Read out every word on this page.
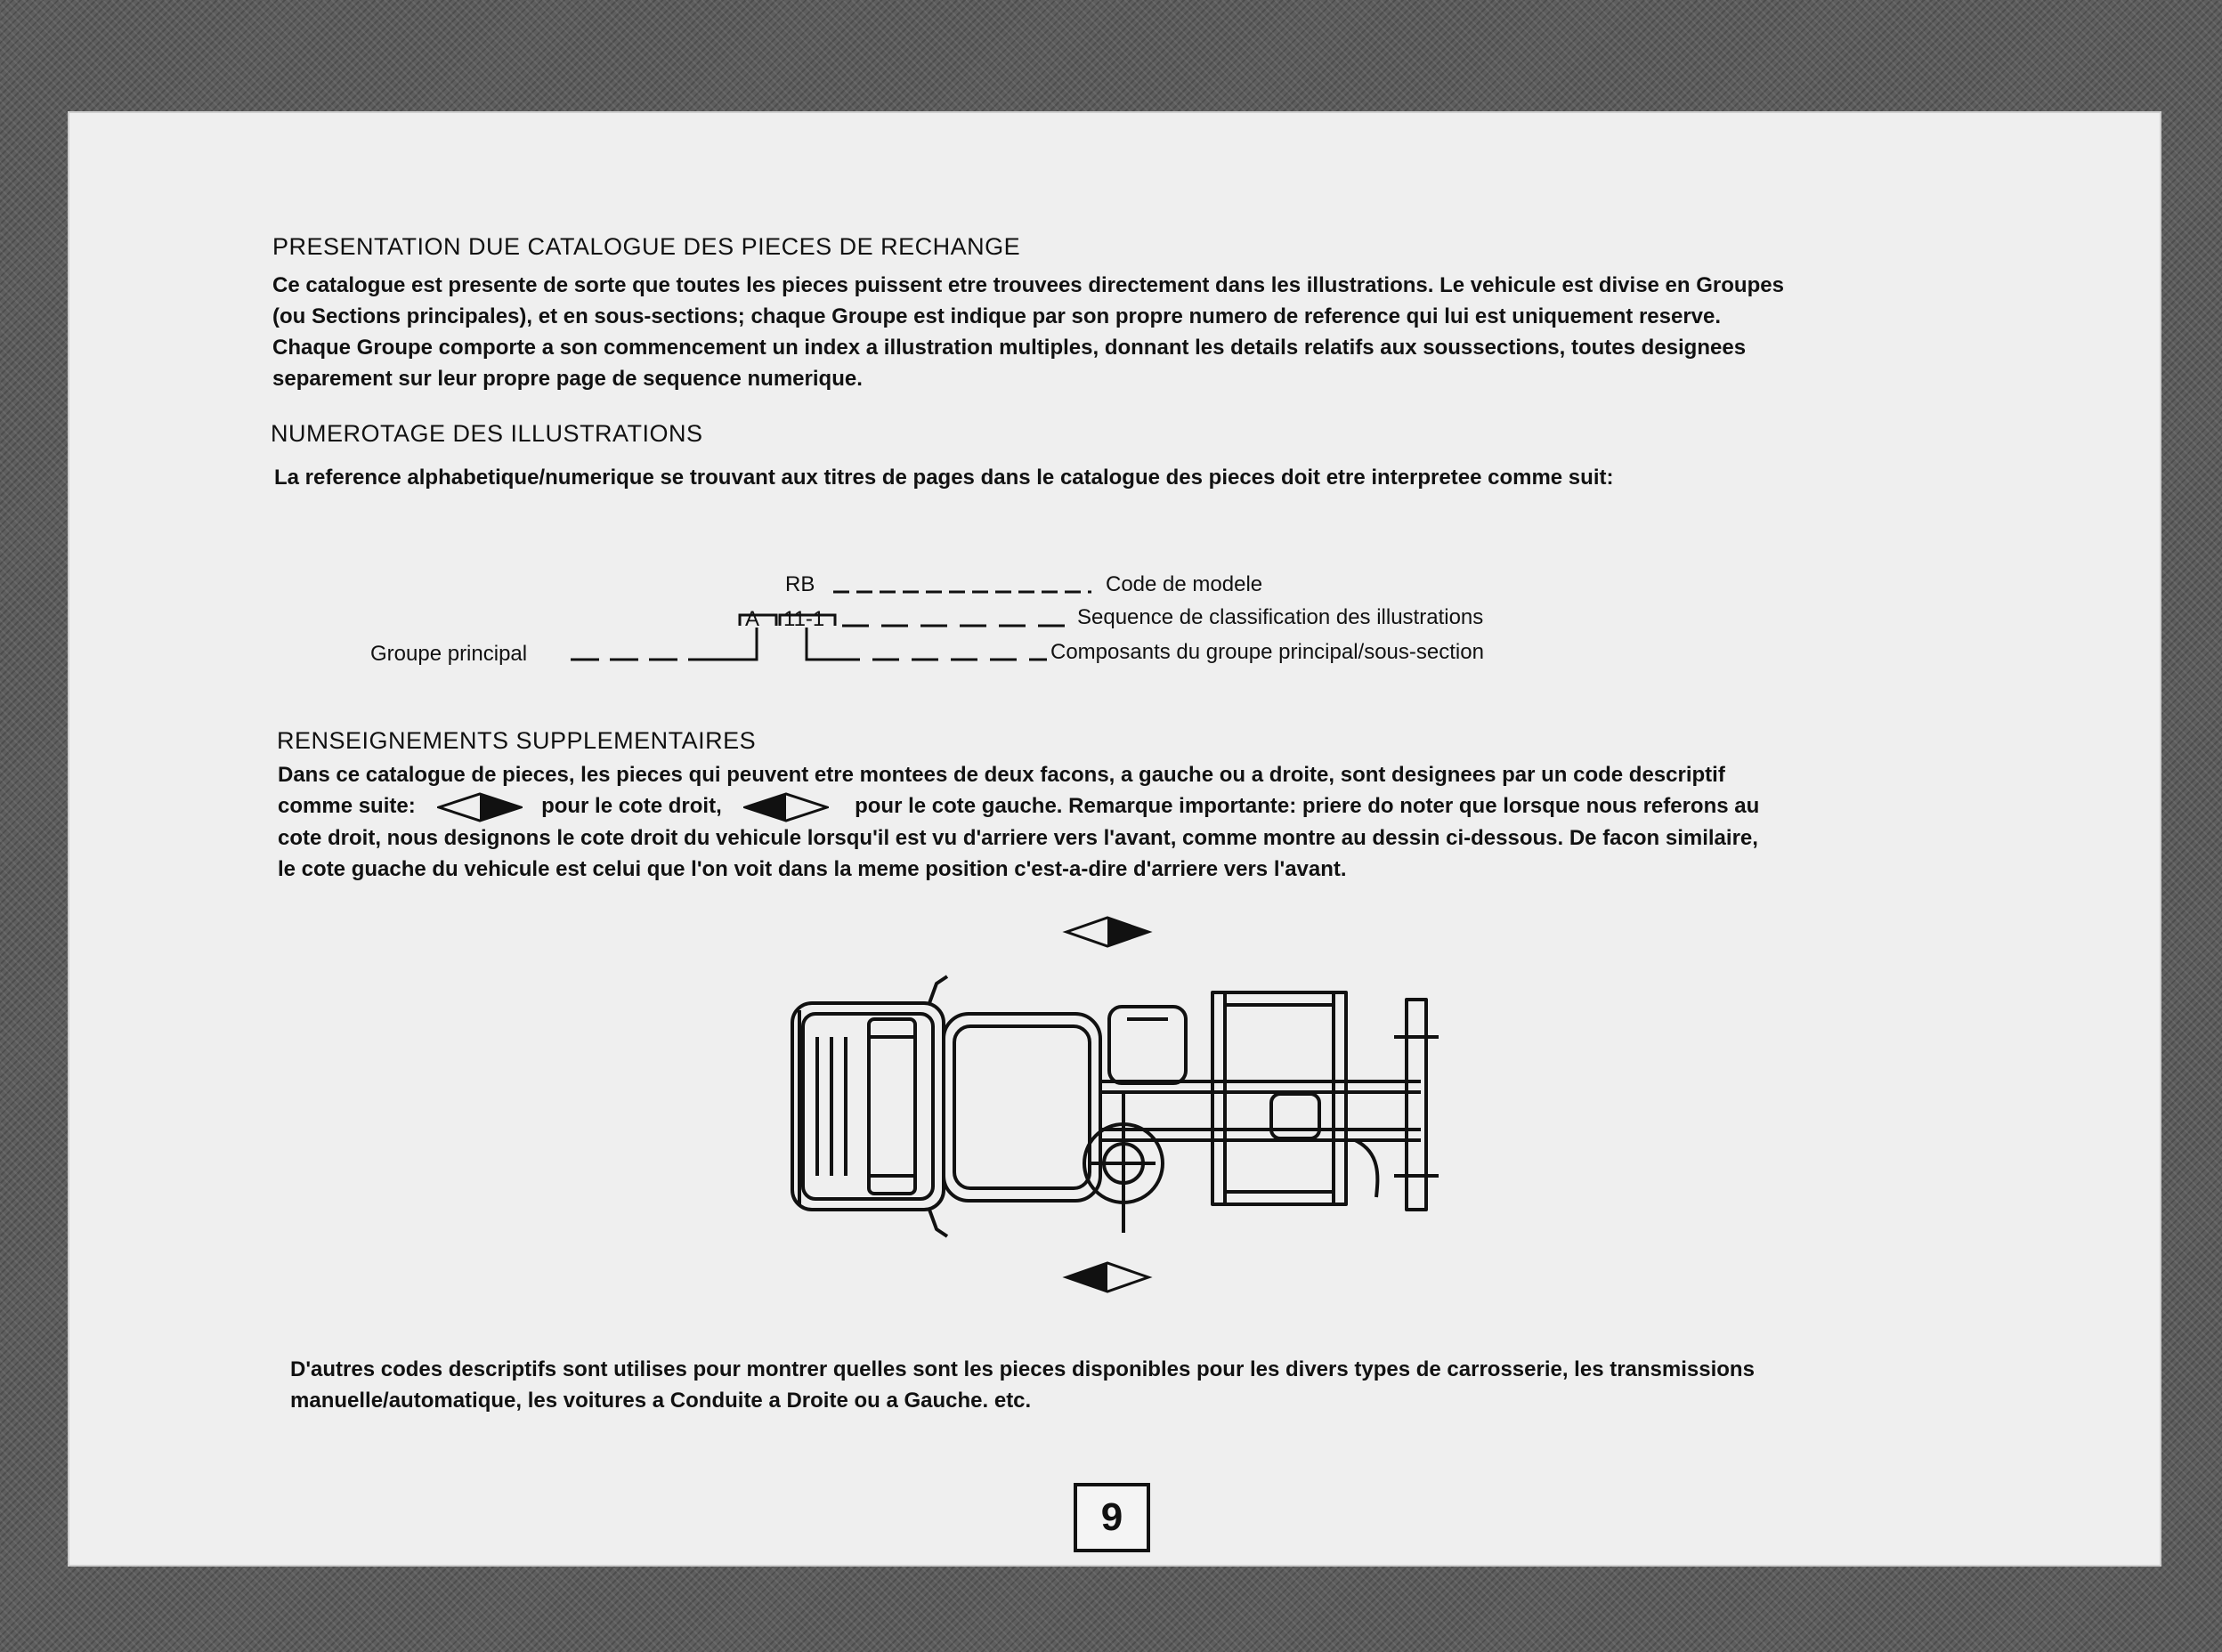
PRESENTATION DUE CATALOGUE DES PIECES DE RECHANGE
Ce catalogue est presente de sorte que toutes les pieces puissent etre trouvees directement dans les illustrations. Le vehicule est divise en Groupes
(ou Sections principales), et en sous-sections; chaque Groupe est indique par son propre numero de reference qui lui est uniquement reserve.
Chaque Groupe comporte a son commencement un index a illustration multiples, donnant les details relatifs aux soussections, toutes designees
separement sur leur propre page de sequence numerique.
NUMEROTAGE DES ILLUSTRATIONS
La reference alphabetique/numerique se trouvant aux titres de pages dans le catalogue des pieces doit etre interpretee comme suit:
RB	Code de modele
A 11-1	Sequence de classification des illustrations
Groupe principal	Composants du groupe principal/sous-section
RENSEIGNEMENTS SUPPLEMENTAIRES
Dans ce catalogue de pieces, les pieces qui peuvent etre montees de deux facons, a gauche ou a droite, sont designees par un code descriptif
comme suite:	pour le cote droit,	pour le cote gauche. Remarque importante: priere do noter que lorsque nous referons au
cote droit, nous designons le cote droit du vehicule lorsqu'il est vu d'arriere vers l'avant, comme montre au dessin ci-dessous. De facon similaire,
le cote guache du vehicule est celui que l'on voit dans la meme position c'est-a-dire d'arriere vers l'avant.
D'autres codes descriptifs sont utilises pour montrer quelles sont les pieces disponibles pour les divers types de carrosserie, les transmissions
manuelle/automatique, les voitures a Conduite a Droite ou a Gauche. etc.
9
